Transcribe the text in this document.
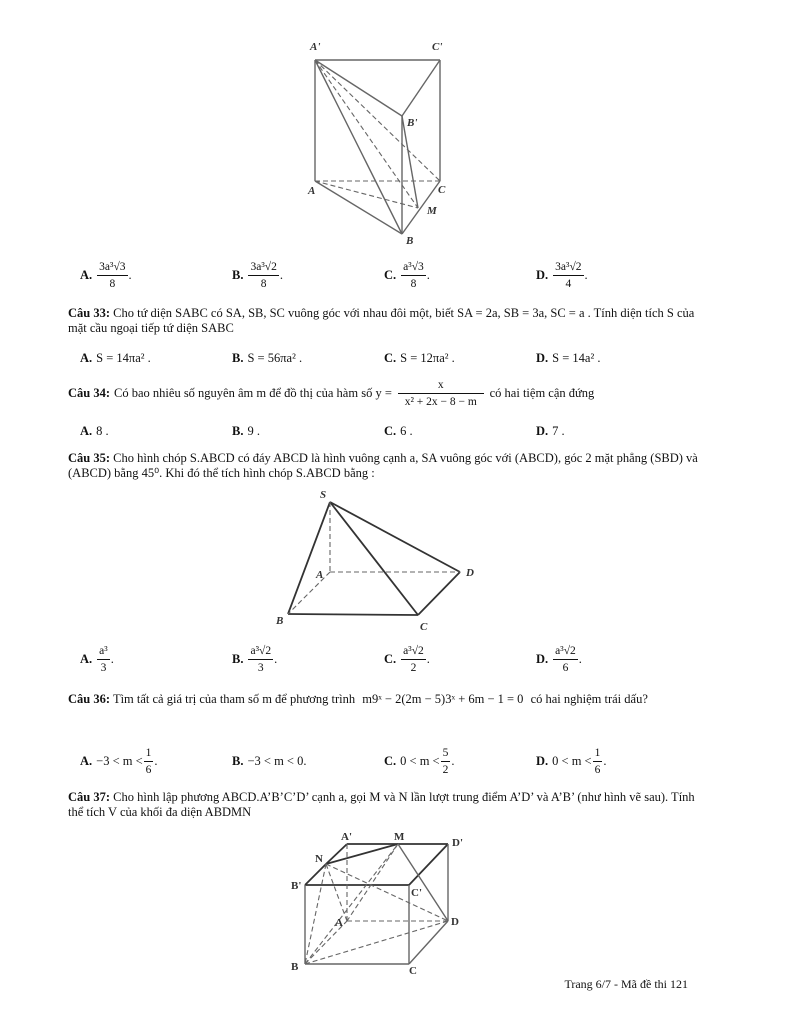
A'	C'
B'
A	C
M
B
A. $\frac{\text{3a³√3}}{8}$ .	B. $\frac{\text{3a³√2}}{8}$ .	C. $\frac{\text{a³√3}}{8}$ .	D. $\frac{\text{3a³√2}}{4}$ .
Câu 33: Cho tứ diện SABC có SA, SB, SC vuông góc với nhau đôi một, biết SA = 2a, SB = 3a, SC = a . Tính diện tích S của mặt cầu ngoại tiếp tứ diện SABC
A. S = 14πa² .	B. S = 56πa² .	C. S = 12πa² .	D. S = 14a² .
Câu 34: Có bao nhiêu số nguyên âm m để đồ thị của hàm số $y = \frac{x}{\text{x² + 2x − 8 − m}}$ có hai tiệm cận đứng
A. 8 .	B. 9 .	C. 6 .	D. 7 .
Câu 35: Cho hình chóp S.ABCD có đáy ABCD là hình vuông cạnh a, SA vuông góc với (ABCD), góc 2 mặt phẳng (SBD) và (ABCD) bằng 45⁰. Khi đó thể tích hình chóp S.ABCD bằng :
S
A	D
B	C
A. $\frac{\text{a³}}{3}$ .	B. $\frac{\text{a³√2}}{3}$ .	C. $\frac{\text{a³√2}}{2}$ .	D. $\frac{\text{a³√2}}{6}$ .
Câu 36: Tìm tất cả giá trị của tham số m để phương trình m9ˣ − 2(2m − 5)3ˣ + 6m − 1 = 0 có hai nghiệm trái dấu?
A. $-3 < m < \frac{1}{6}$ .	B. −3 < m < 0.	C. $0 < m < \frac{5}{2}$ .	D. $0 < m < \frac{1}{6}$ .
Câu 37: Cho hình lập phương ABCD.A’B’C’D’ cạnh a, gọi M và N lần lượt trung điểm A’D’ và A’B’ (như hình vẽ sau). Tính thể tích V của khối đa diện ABDMN
A'	M	D'
N
B'
C'
A	D
B	C
Trang 6/7 - Mã đề thi 121
